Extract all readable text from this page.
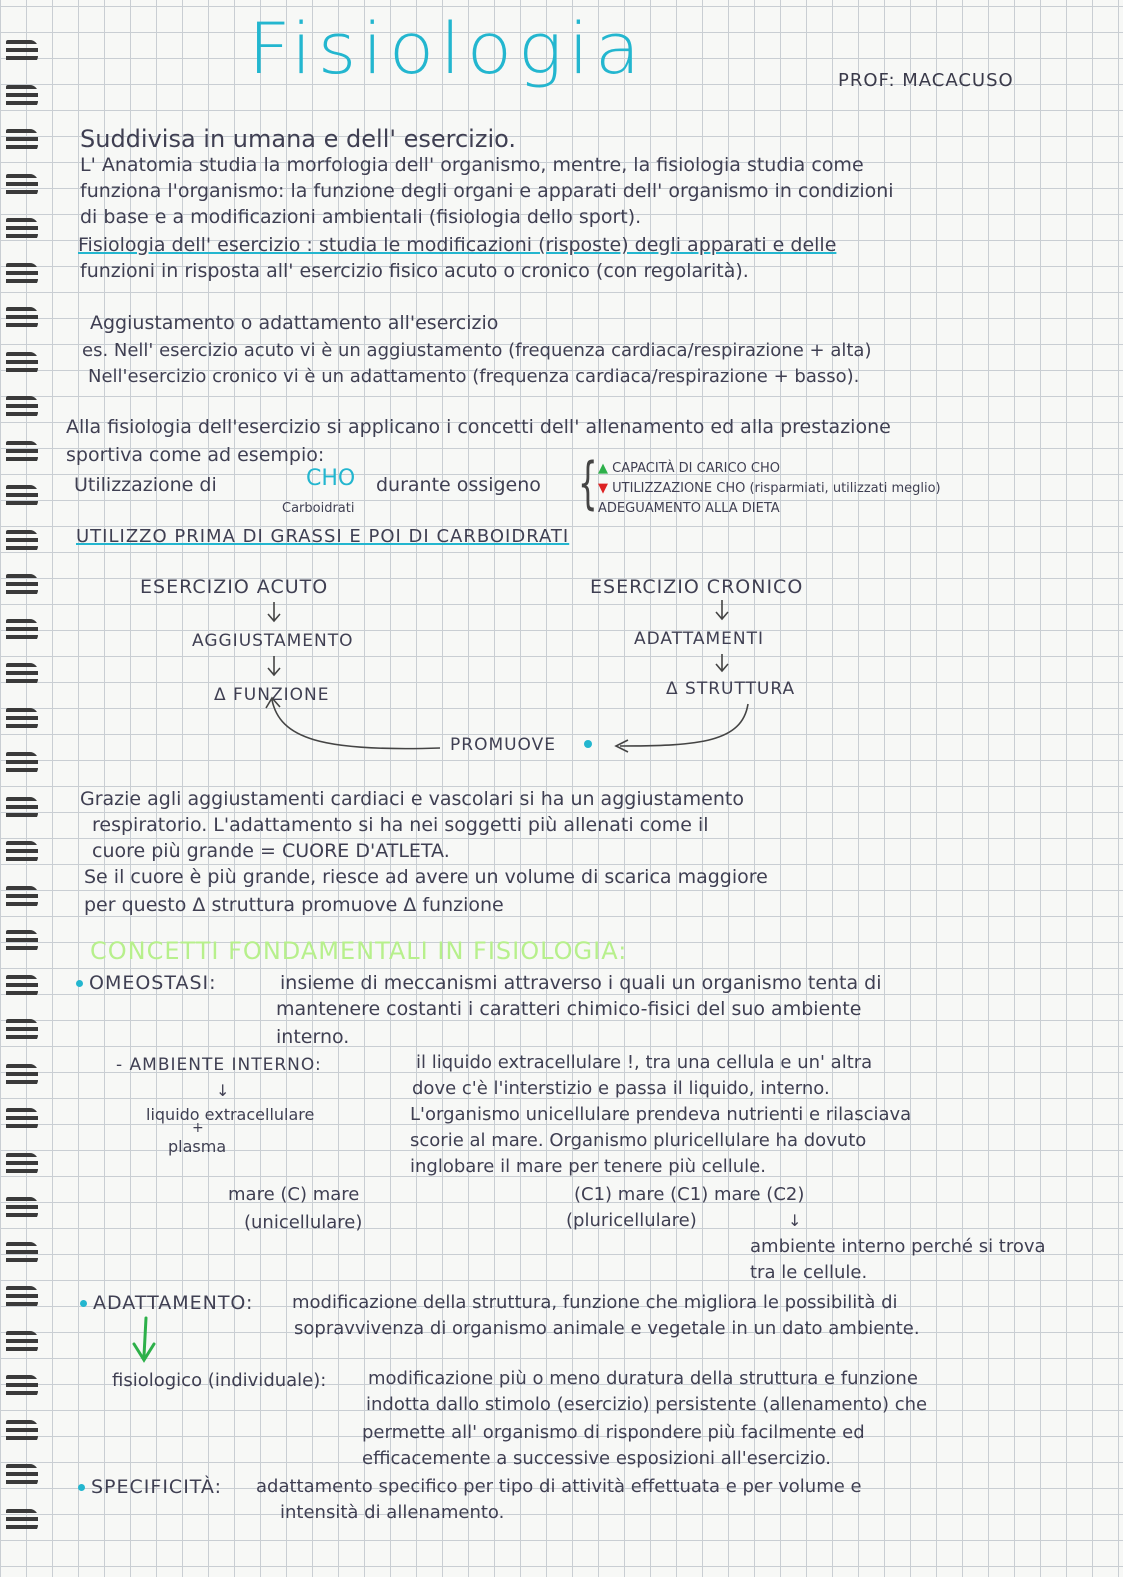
Fisiologia	PROF: MACACUSO
Suddivisa in umana e dell' esercizio.
L' Anatomia studia la morfologia dell' organismo, mentre, la fisiologia studia come
funziona l'organismo: la funzione degli organi e apparati dell' organismo in condizioni
di base e a modificazioni ambientali (fisiologia dello sport).
Fisiologia dell' esercizio : studia le modificazioni (risposte) degli apparati e delle
funzioni in risposta all' esercizio fisico acuto o cronico (con regolarità).
Aggiustamento o adattamento all'esercizio
es. Nell' esercizio acuto vi è un aggiustamento (frequenza cardiaca/respirazione + alta)
Nell'esercizio cronico vi è un adattamento (frequenza cardiaca/respirazione + basso).
Alla fisiologia dell'esercizio si applicano i concetti dell' allenamento ed alla prestazione
sportiva come ad esempio:
Utilizzazione di	CHO durante ossigeno
Carboidrati	{ ▲ CAPACITÀ DI CARICO CHO
▼ UTILIZZAZIONE CHO (risparmiati, utilizzati meglio)
ADEGUAMENTO ALLA DIETA
UTILIZZO PRIMA DI GRASSI E POI DI CARBOIDRATI
ESERCIZIO ACUTO
AGGIUSTAMENTO
Δ FUNZIONE
ESERCIZIO CRONICO
ADATTAMENTI
Δ STRUTTURA
PROMUOVE
Grazie agli aggiustamenti cardiaci e vascolari si ha un aggiustamento
respiratorio. L'adattamento si ha nei soggetti più allenati come il
cuore più grande = CUORE D'ATLETA.
Se il cuore è più grande, riesce ad avere un volume di scarica maggiore
per questo Δ struttura promuove Δ funzione
CONCETTI FONDAMENTALI IN FISIOLOGIA:
OMEOSTASI:	insieme di meccanismi attraverso i quali un organismo tenta di
mantenere costanti i caratteri chimico-fisici del suo ambiente
interno.
- AMBIENTE INTERNO:	il liquido extracellulare !, tra una cellula e un' altra
dove c'è l'interstizio e passa il liquido, interno.
L'organismo unicellulare prendeva nutrienti e rilasciava
scorie al mare. Organismo pluricellulare ha dovuto
inglobare il mare per tenere più cellule.
↓
liquido extracellulare
+
plasma
mare (C) mare
(unicellulare)
(C1) mare (C1) mare (C2)
(pluricellulare)	↓
ambiente interno perché si trova
tra le cellule.
ADATTAMENTO: modificazione della struttura, funzione che migliora le possibilità di
sopravvivenza di organismo animale e vegetale in un dato ambiente.
fisiologico (individuale): modificazione più o meno duratura della struttura e funzione
indotta dallo stimolo (esercizio) persistente (allenamento) che
permette all' organismo di rispondere più facilmente ed
efficacemente a successive esposizioni all'esercizio.
SPECIFICITÀ: adattamento specifico per tipo di attività effettuata e per volume e
intensità di allenamento.
